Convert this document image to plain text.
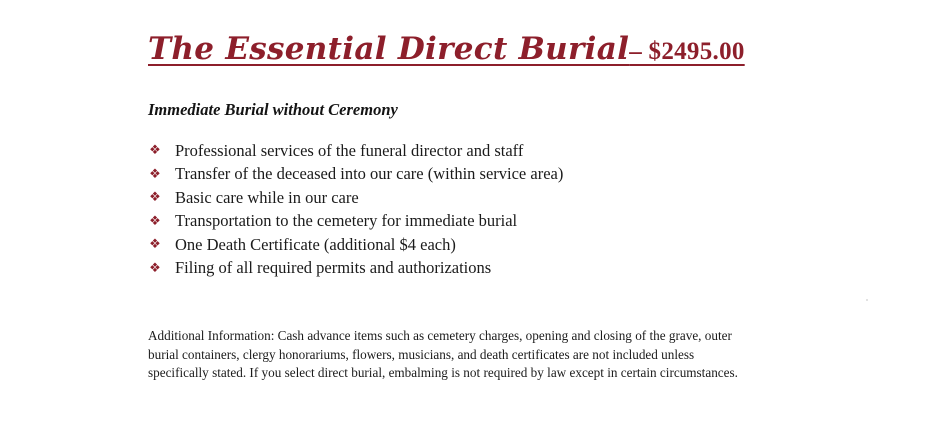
The Essential Direct Burial– $2495.00
Immediate Burial without Ceremony
❖ Professional services of the funeral director and staff
❖ Transfer of the deceased into our care (within service area)
❖ Basic care while in our care
❖ Transportation to the cemetery for immediate burial
❖ One Death Certificate (additional $4 each)
❖ Filing of all required permits and authorizations

Additional Information: Cash advance items such as cemetery charges, opening and closing of the grave, outer
burial containers, clergy honorariums, flowers, musicians, and death certificates are not included unless
specifically stated. If you select direct burial, embalming is not required by law except in certain circumstances.
